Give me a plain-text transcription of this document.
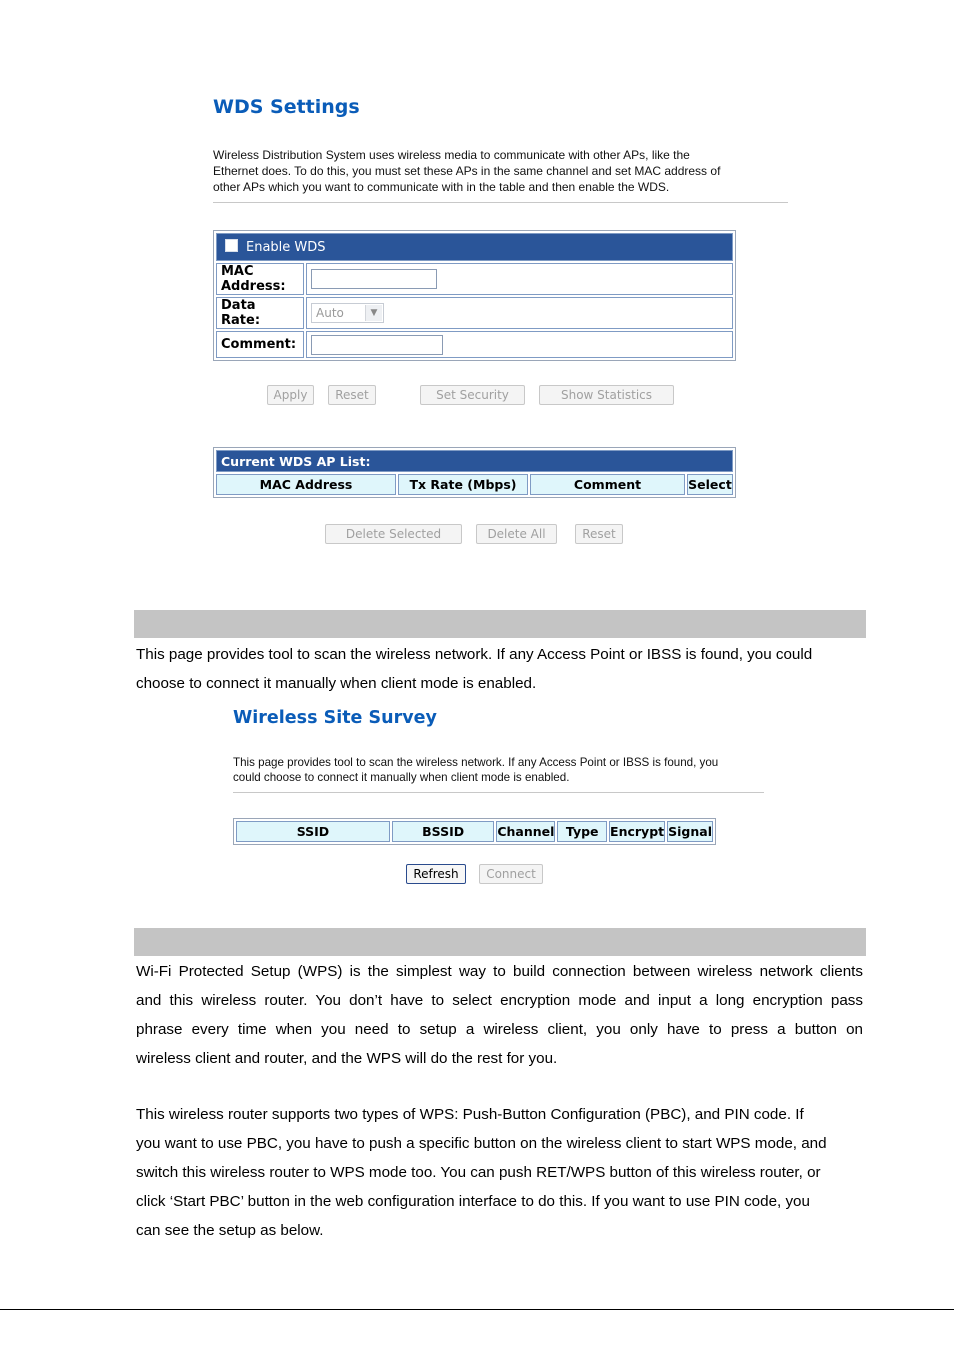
WDS Settings
Wireless Distribution System uses wireless media to communicate with other APs, like the
Ethernet does. To do this, you must set these APs in the same channel and set MAC address of
other APs which you want to communicate with in the table and then enable the WDS.
Enable WDS	
MAC Address:	
Data Rate:	Auto ▼

Comment:	
Apply	Reset	Set Security	Show Statistics
Current WDS AP List:
MAC Address	Tx Rate (Mbps)	Comment	Select
Delete Selected	Delete All	Reset
This page provides tool to scan the wireless network. If any Access Point or IBSS is found, you could
choose to connect it manually when client mode is enabled.
Wireless Site Survey
This page provides tool to scan the wireless network. If any Access Point or IBSS is found, you
could choose to connect it manually when client mode is enabled.
SSID	BSSID	Channel	Type	Encrypt	Signal
Refresh	Connect
Wi-Fi Protected Setup (WPS) is the simplest way to build connection between wireless network clients
and this wireless router. You don’t have to select encryption mode and input a long encryption pass
phrase every time when you need to setup a wireless client, you only have to press a button on
wireless client and router, and the WPS will do the rest for you.
This wireless router supports two types of WPS: Push-Button Configuration (PBC), and PIN code. If
you want to use PBC, you have to push a specific button on the wireless client to start WPS mode, and
switch this wireless router to WPS mode too. You can push RET/WPS button of this wireless router, or
click ‘Start PBC’ button in the web configuration interface to do this. If you want to use PIN code, you
can see the setup as below.
